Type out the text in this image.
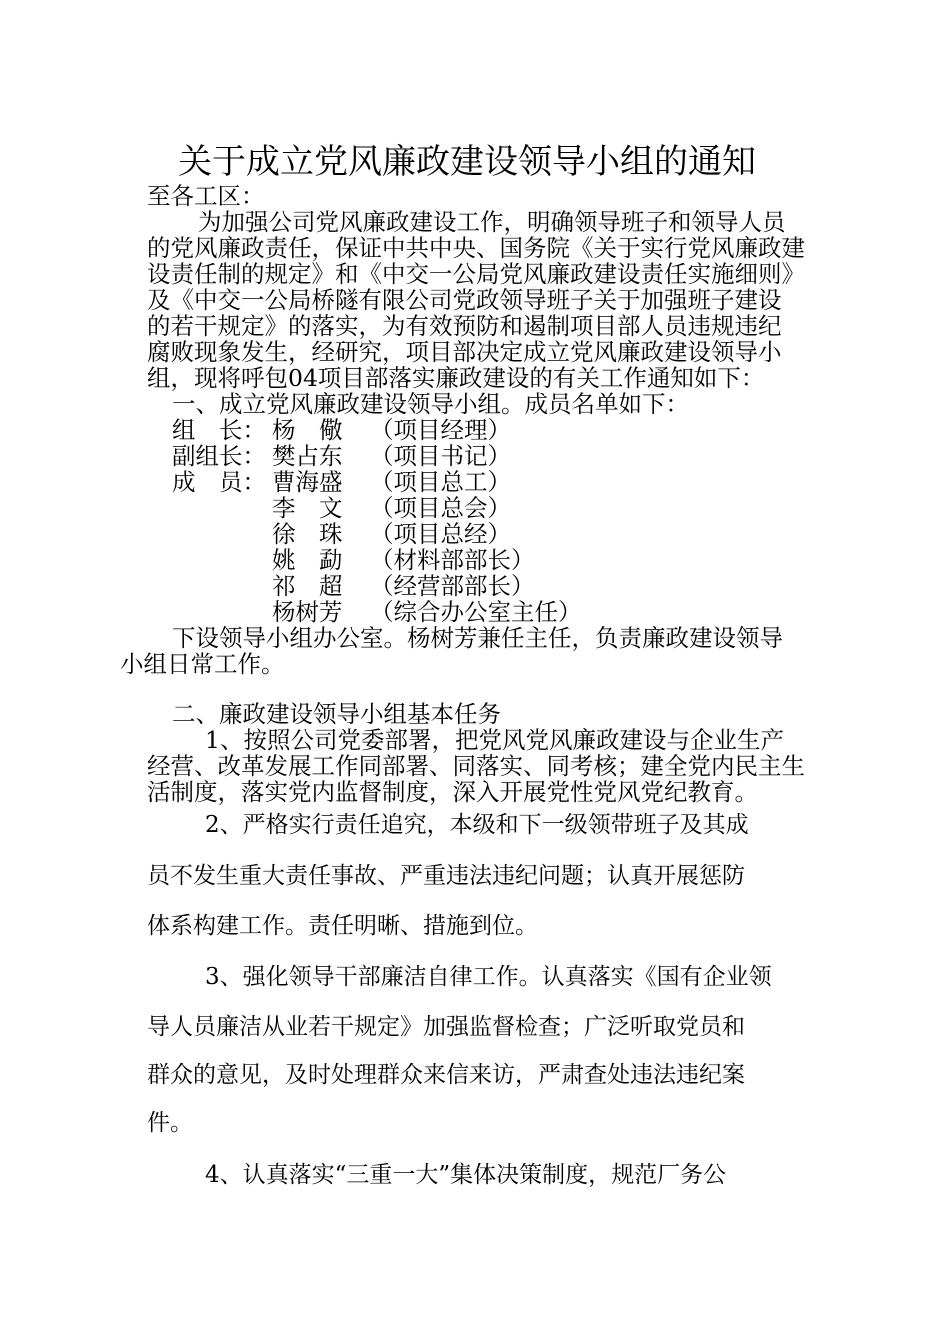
关于成立党风廉政建设领导小组的通知
至各工区：
为加强公司党风廉政建设工作，明确领导班子和领导人员
的党风廉政责任，保证中共中央、国务院《关于实行党风廉政建
设责任制的规定》和《中交一公局党风廉政建设责任实施细则》
及《中交一公局桥隧有限公司党政领导班子关于加强班子建设
的若干规定》的落实，为有效预防和遏制项目部人员违规违纪
腐败现象发生，经研究，项目部决定成立党风廉政建设领导小
组，现将呼包04项目部落实廉政建设的有关工作通知如下：
一、成立党风廉政建设领导小组。成员名单如下：
组　长： 杨　儆 （项目经理）
副组长： 樊占东 （项目书记）
成　员： 曹海盛 （项目总工）
李　文 （项目总会）
徐　珠 （项目总经）
姚　勐 （材料部部长）
祁　超 （经营部部长）
杨树芳 （综合办公室主任）
下设领导小组办公室。杨树芳兼任主任，负责廉政建设领导
小组日常工作。
二、廉政建设领导小组基本任务
1、按照公司党委部署，把党风党风廉政建设与企业生产
经营、改革发展工作同部署、同落实、同考核；建全党内民主生
活制度，落实党内监督制度，深入开展党性党风党纪教育。
2、严格实行责任追究，本级和下一级领带班子及其成
员不发生重大责任事故、严重违法违纪问题；认真开展惩防
体系构建工作。责任明晰、措施到位。
3、强化领导干部廉洁自律工作。认真落实《国有企业领
导人员廉洁从业若干规定》加强监督检查；广泛听取党员和
群众的意见，及时处理群众来信来访，严肃查处违法违纪案
件。
4、认真落实“三重一大”集体决策制度，规范厂务公
